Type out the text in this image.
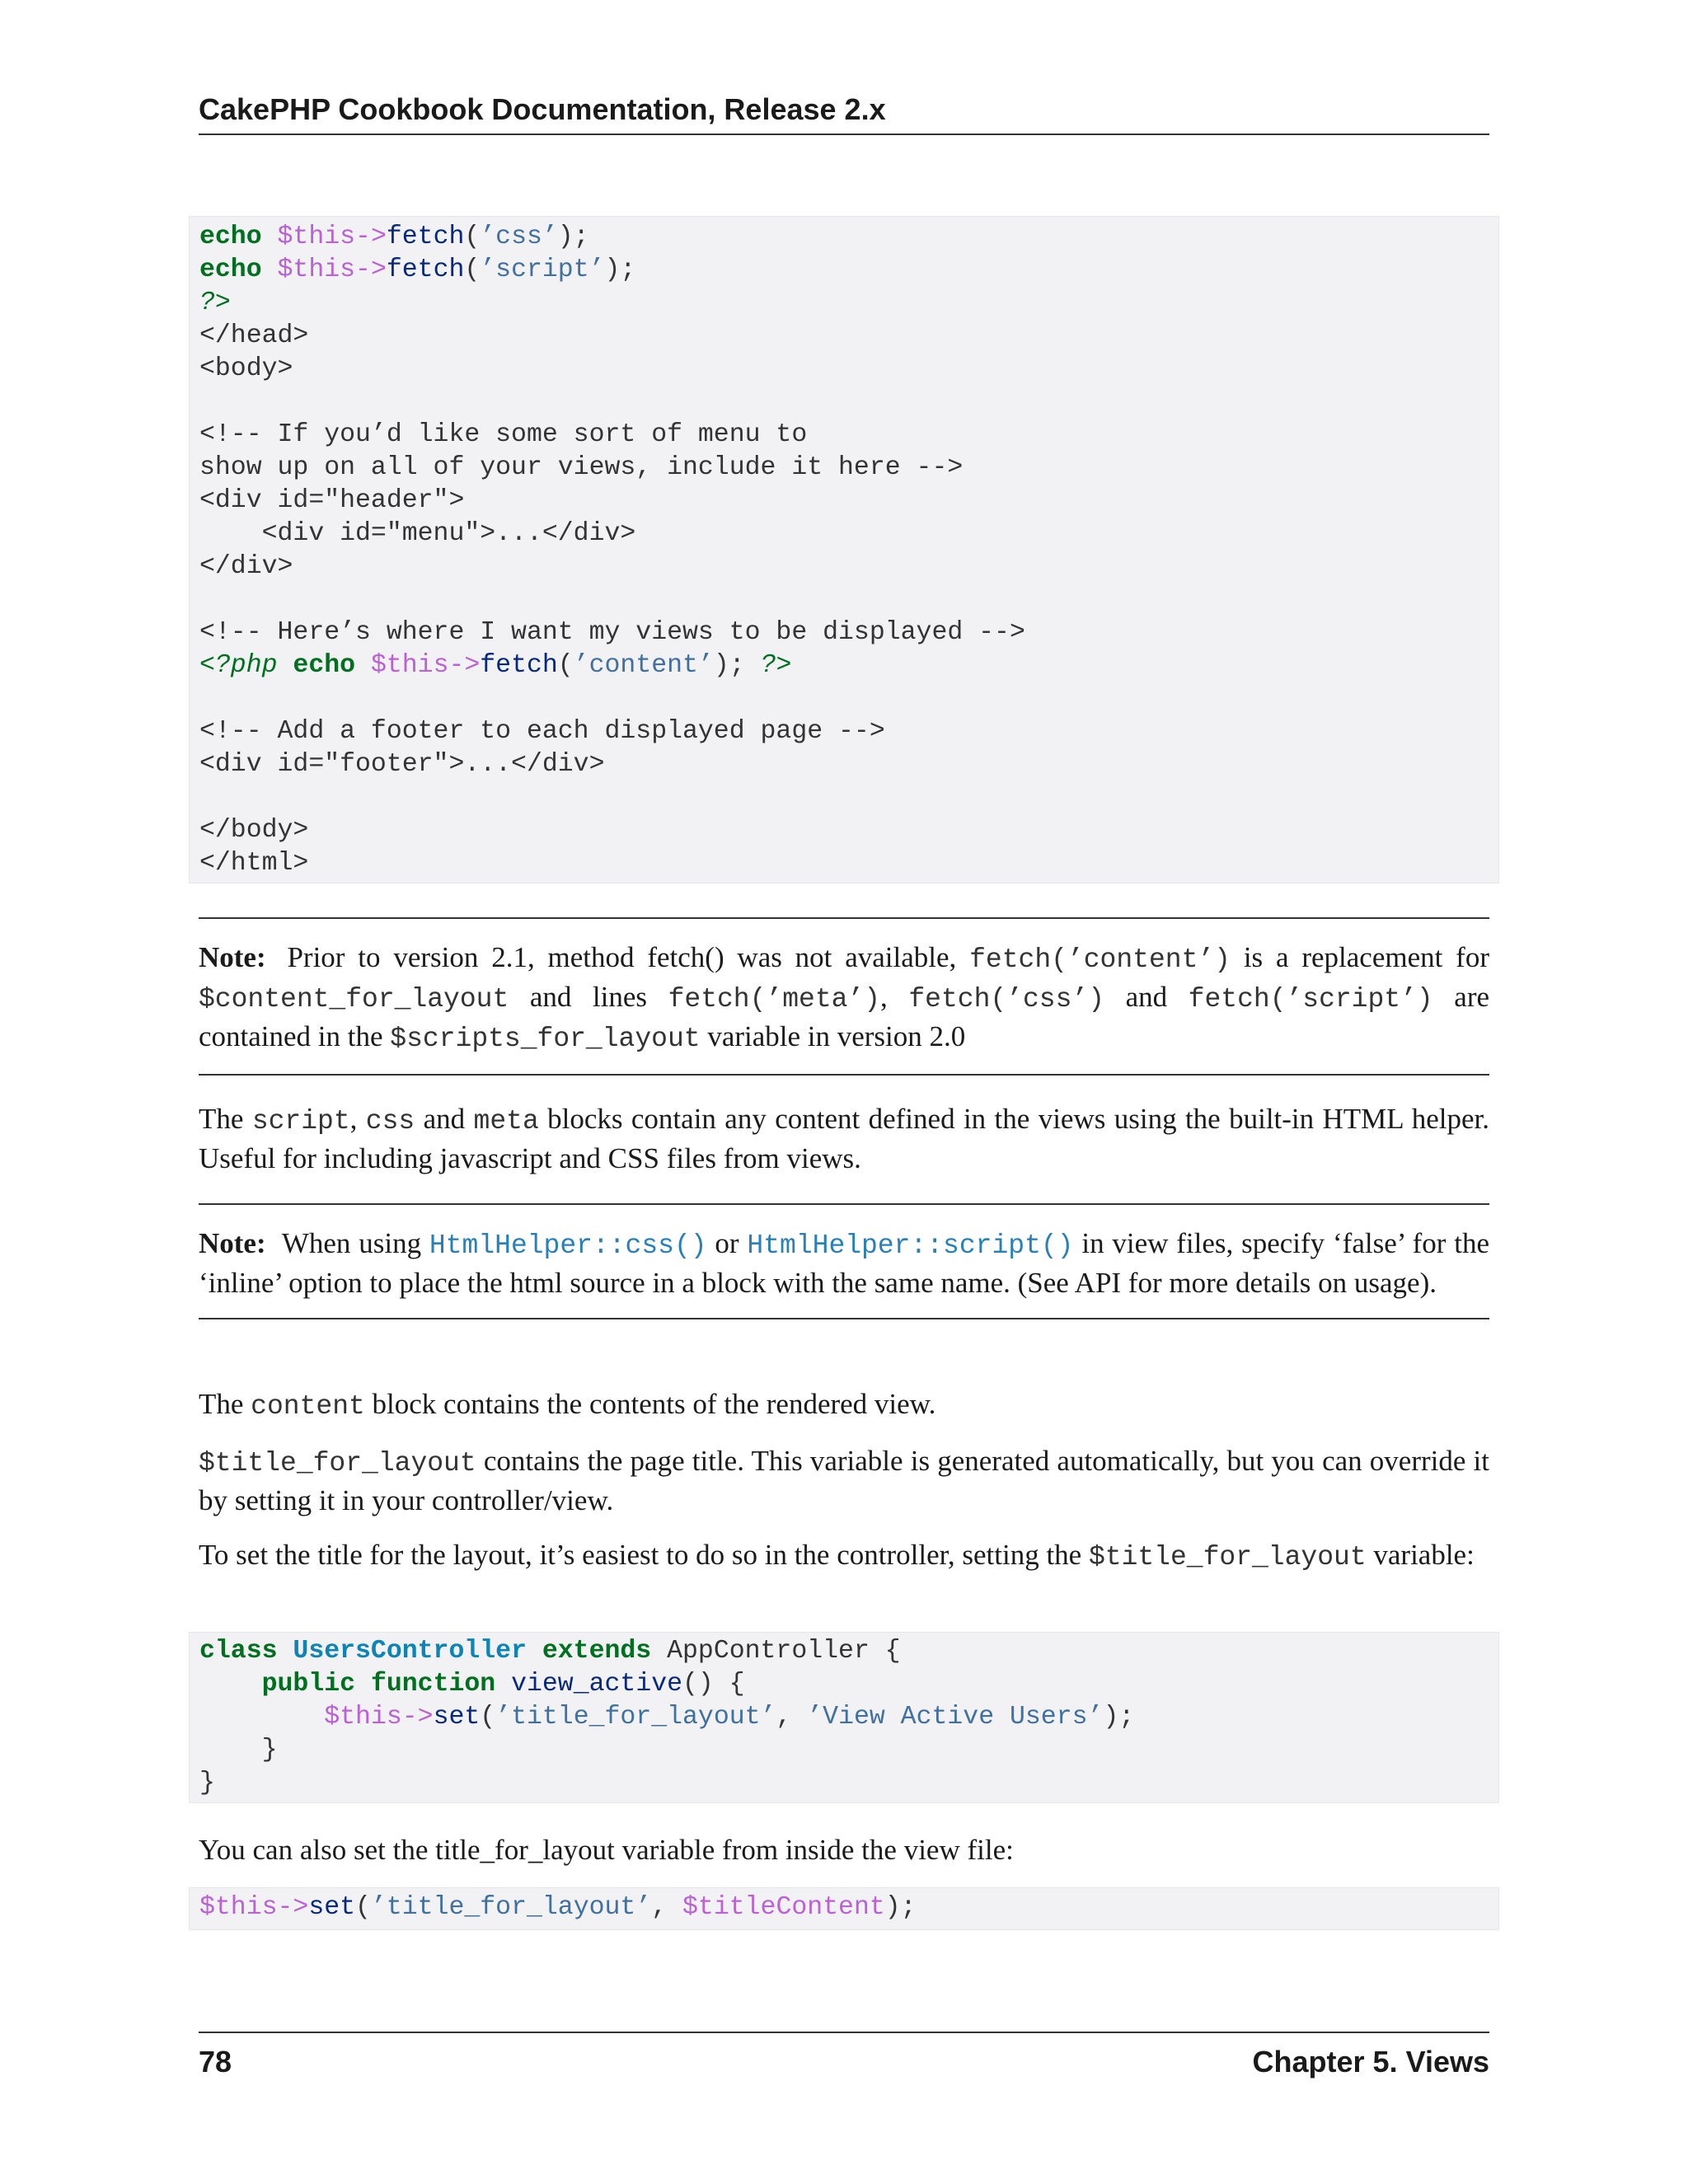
CakePHP Cookbook Documentation, Release 2.x
echo $this->fetch(’css’);
echo $this->fetch(’script’);
?>
</head>
<body>

<!-- If you’d like some sort of menu to
show up on all of your views, include it here -->
<div id="header">
<div id="menu">...</div>
</div>

<!-- Here’s where I want my views to be displayed -->
<?php echo $this->fetch(’content’); ?>

<!-- Add a footer to each displayed page -->
<div id="footer">...</div>

</body>
</html>
Note: Prior to version 2.1, method fetch() was not available, fetch(’content’) is a replacement for $content_for_layout and lines fetch(’meta’), fetch(’css’) and fetch(’script’) are contained in the $scripts_for_layout variable in version 2.0

The script, css and meta blocks contain any content defined in the views using the built-in HTML helper. Useful for including javascript and CSS files from views.

Note: When using HtmlHelper::css() or HtmlHelper::script() in view files, specify ‘false’ for the ‘inline’ option to place the html source in a block with the same name. (See API for more details on usage).

The content block contains the contents of the rendered view.

$title_for_layout contains the page title. This variable is generated automatically, but you can override it by setting it in your controller/view.

To set the title for the layout, it’s easiest to do so in the controller, setting the $title_for_layout variable:

class UsersController extends AppController {
public function view_active() {
$this->set(’title_for_layout’, ’View Active Users’);
}
}

You can also set the title_for_layout variable from inside the view file:

$this->set(’title_for_layout’, $titleContent);
78	Chapter 5. Views
